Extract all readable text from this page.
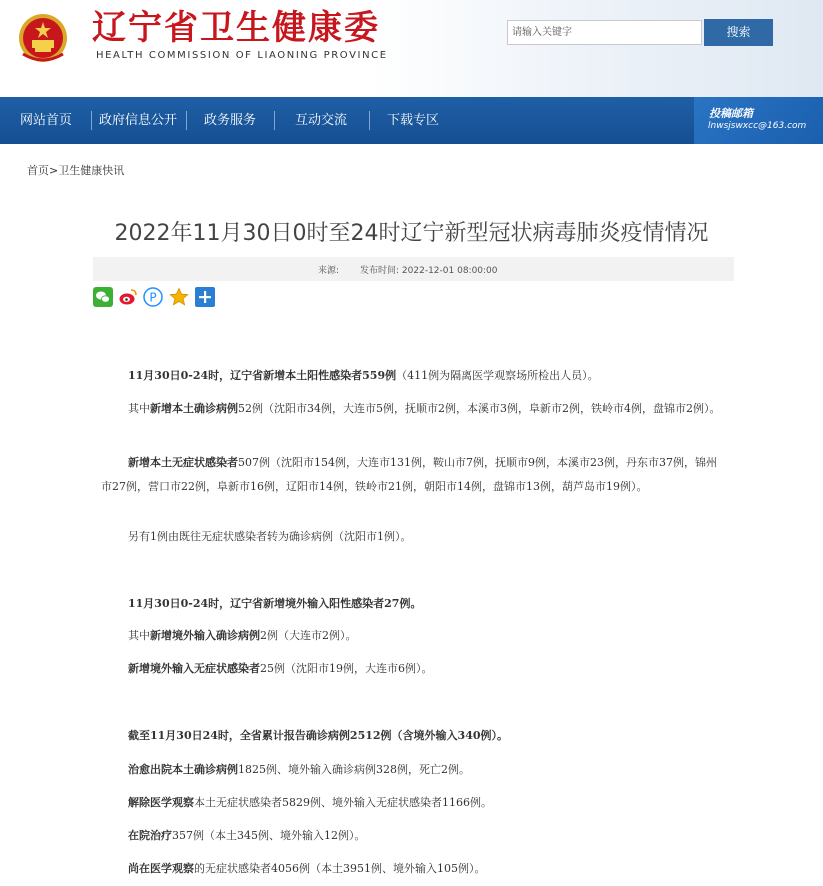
辽宁省卫生健康委
HEALTH COMMISSION OF LIAONING PROVINCE
请输入关键字
搜索
网站首页 政府信息公开 政务服务	互动交流	下载专区	投稿邮箱
lnwsjswxcc@163.com
首页>卫生健康快讯
2022年11月30日0时至24时辽宁新型冠状病毒肺炎疫情情况
来源: 发布时间: 2022-12-01 08:00:00
P

11月30日0-24时，辽宁省新增本土阳性感染者559例（411例为隔离医学观察场所检出人员）。

其中新增本土确诊病例52例（沈阳市34例，大连市5例，抚顺市2例，本溪市3例，阜新市2例，铁岭市4例，盘锦市2例）。

新增本土无症状感染者507例（沈阳市154例，大连市131例，鞍山市7例，抚顺市9例，本溪市23例，丹东市37例，锦州市27例，营口市22例，阜新市16例，辽阳市14例，铁岭市21例，朝阳市14例，盘锦市13例，葫芦岛市19例）。

另有1例由既往无症状感染者转为确诊病例（沈阳市1例）。

11月30日0-24时，辽宁省新增境外输入阳性感染者27例。

其中新增境外输入确诊病例2例（大连市2例）。

新增境外输入无症状感染者25例（沈阳市19例，大连市6例）。

截至11月30日24时，全省累计报告确诊病例2512例（含境外输入340例）。

治愈出院本土确诊病例1825例、境外输入确诊病例328例，死亡2例。

解除医学观察本土无症状感染者5829例、境外输入无症状感染者1166例。

在院治疗357例（本土345例、境外输入12例）。

尚在医学观察的无症状感染者4056例（本土3951例、境外输入105例）。
